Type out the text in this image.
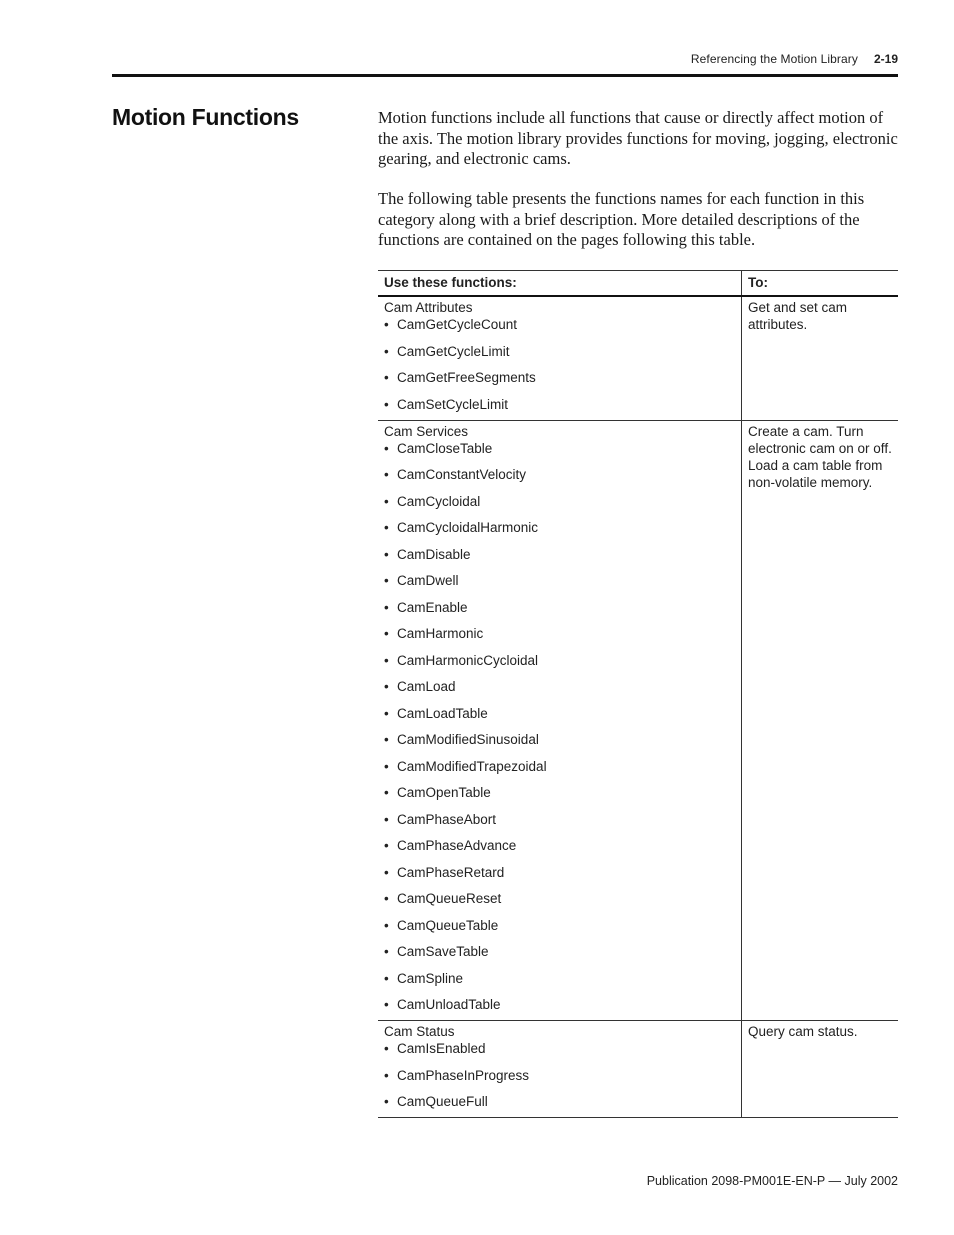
Referencing the Motion Library 2-19
Motion Functions	Motion functions include all functions that cause or directly affect motion of the axis. The motion library provides functions for moving, jogging, electronic gearing, and electronic cams.

The following table presents the functions names for each function in this category along with a brief description. More detailed descriptions of the functions are contained on the pages following this table.

Use these functions:	To:
Cam Attributes
• CamGetCycleCount
• CamGetCycleLimit
• CamGetFreeSegments
• CamSetCycleLimit
Get and set cam attributes.
Cam Services
• CamCloseTable
• CamConstantVelocity
• CamCycloidal
• CamCycloidalHarmonic
• CamDisable
• CamDwell
• CamEnable
• CamHarmonic
• CamHarmonicCycloidal
• CamLoad
• CamLoadTable
• CamModifiedSinusoidal
• CamModifiedTrapezoidal
• CamOpenTable
• CamPhaseAbort
• CamPhaseAdvance
• CamPhaseRetard
• CamQueueReset
• CamQueueTable
• CamSaveTable
• CamSpline
• CamUnloadTable
Create a cam. Turn electronic cam on or off. Load a cam table from non-volatile memory.
Cam Status
• CamIsEnabled
• CamPhaseInProgress
• CamQueueFull
Query cam status.
Publication 2098-PM001E-EN-P — July 2002
